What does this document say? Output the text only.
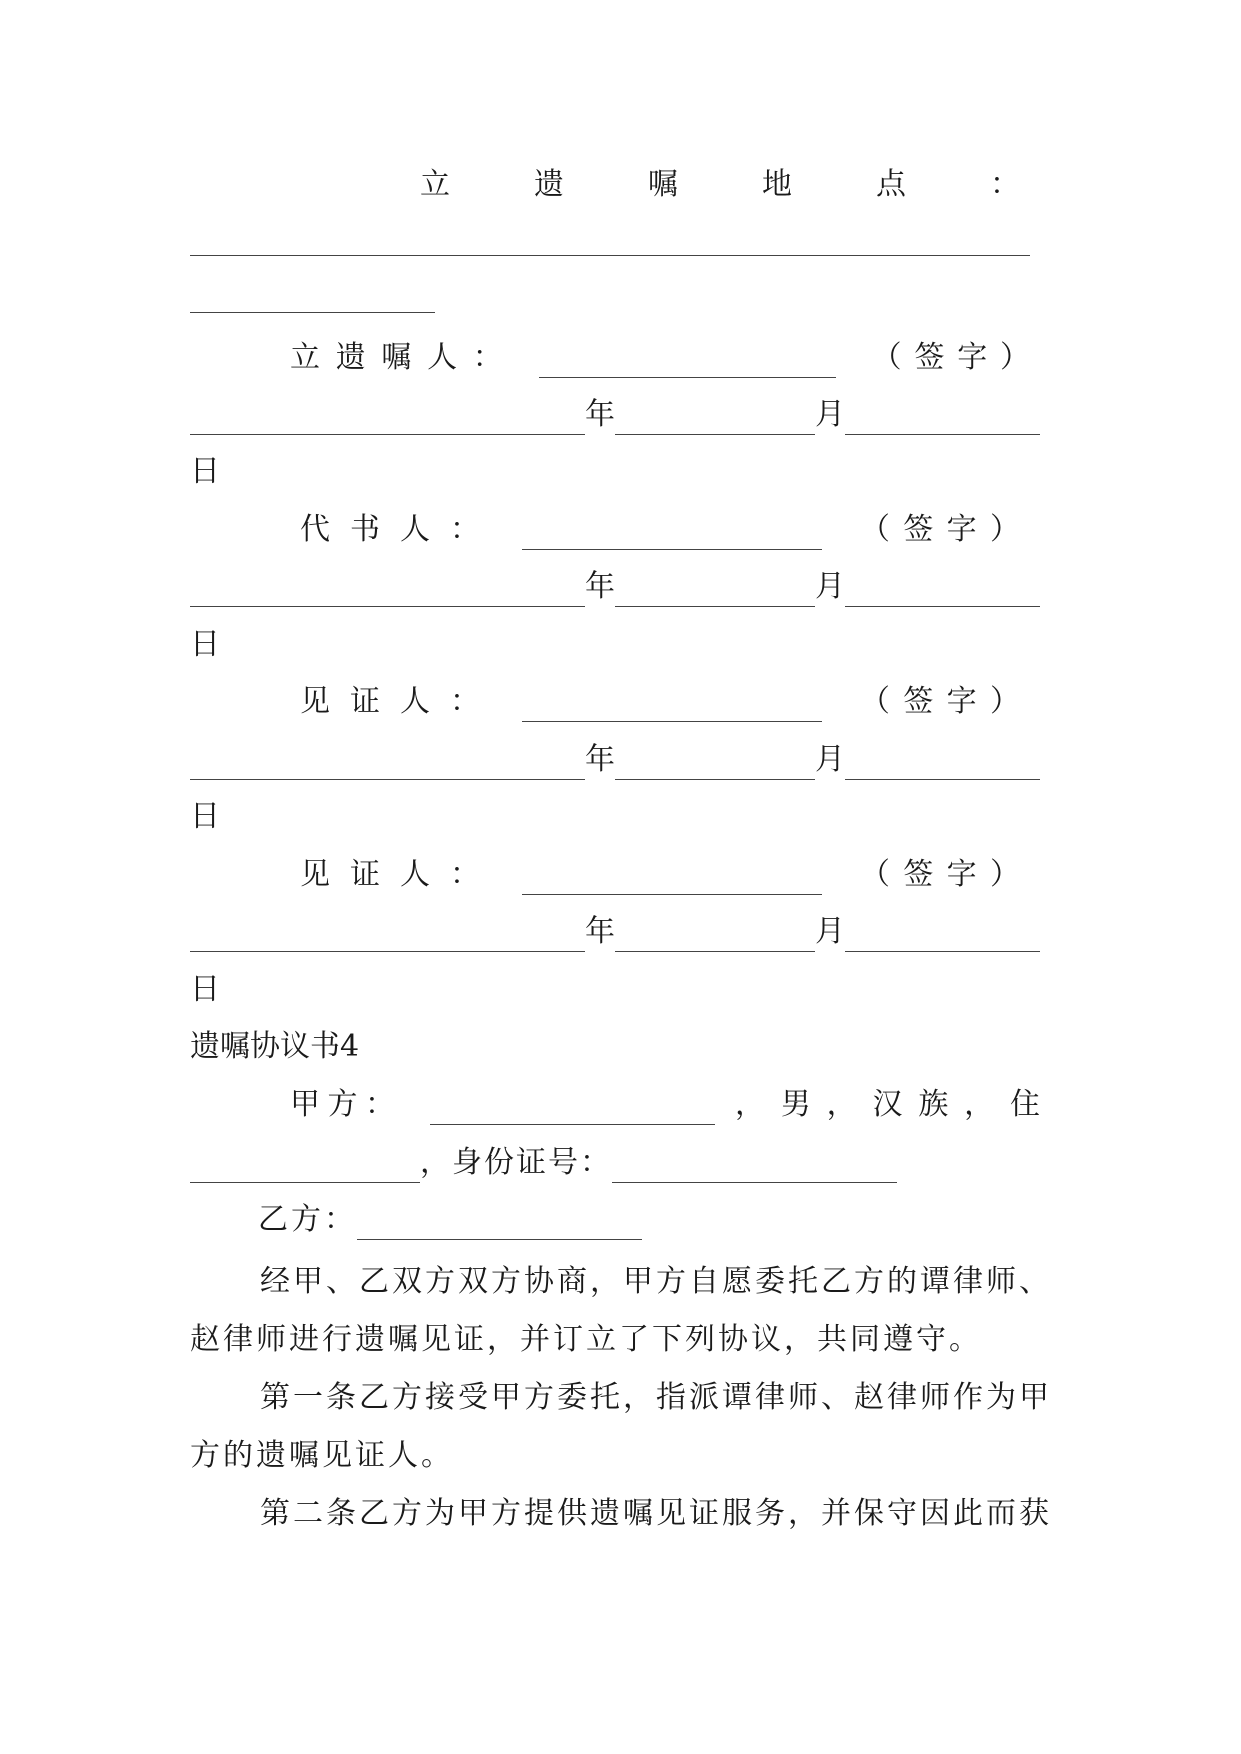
立	遗	嘱	地	点	：
立 遗 嘱 人 ：	（ 签 字 ）
年	月
日
代 书 人 ：	（ 签 字 ）
年	月
日
见 证 人 ：	（ 签 字 ）
年	月
日
见 证 人 ：	（ 签 字 ）
年	月
日
遗嘱协议书4
甲 方 ：	， 男 ， 汉 族 ， 住
，身份证号：
乙方：
经甲、乙双方双方协商，甲方自愿委托乙方的谭律师、赵律师进行遗嘱见证，并订立了下列协议，共同遵守。
第一条乙方接受甲方委托，指派谭律师、赵律师作为甲方的遗嘱见证人。
第二条乙方为甲方提供遗嘱见证服务，并保守因此而获
